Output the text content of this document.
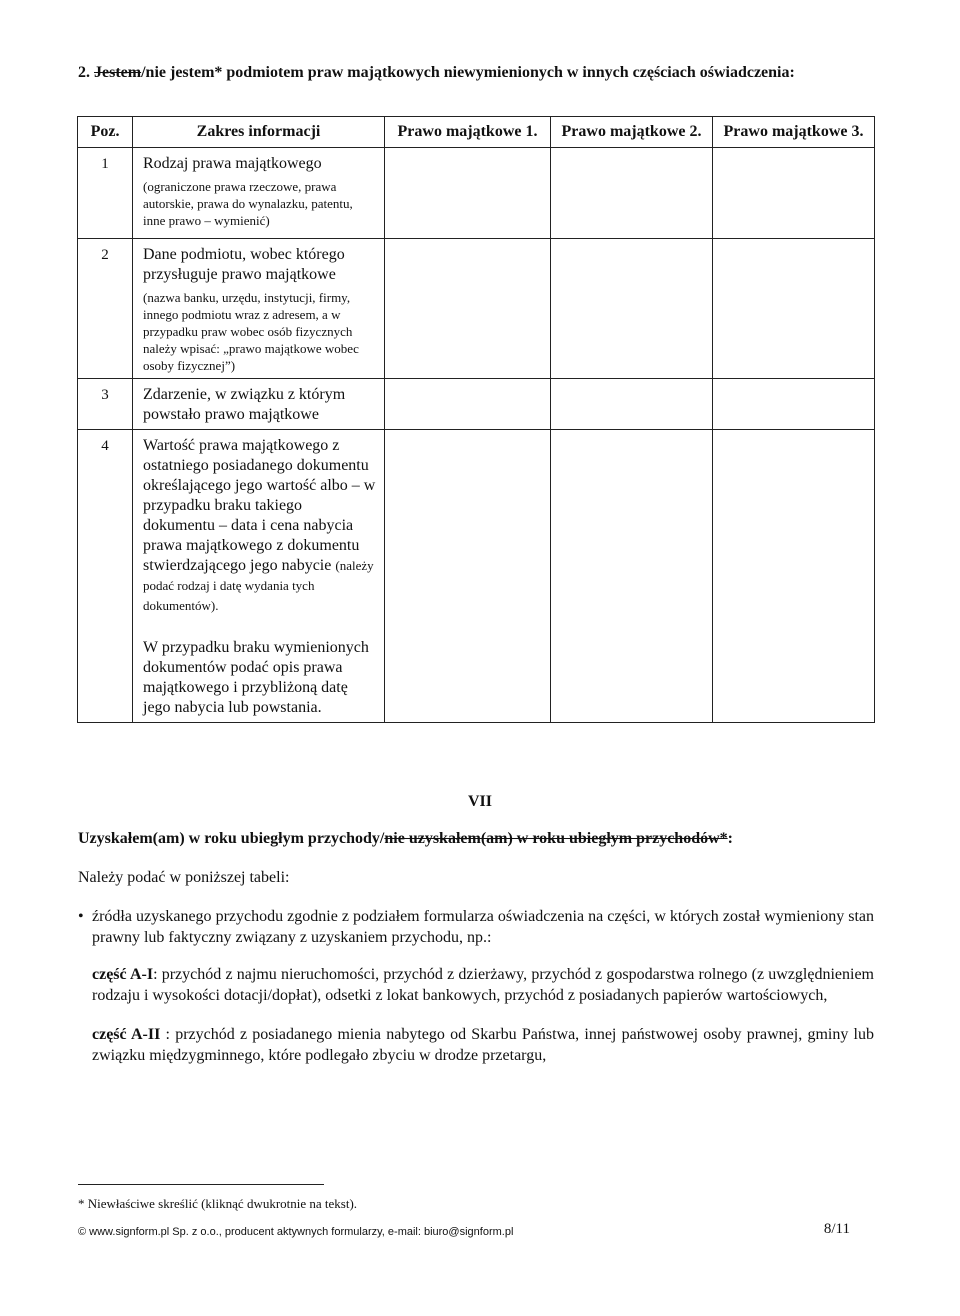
2. Jestem/nie jestem* podmiotem praw majątkowych niewymienionych w innych częściach oświadczenia:
Poz.	Zakres informacji	Prawo majątkowe 1.	Prawo majątkowe 2.	Prawo majątkowe 3.
1	Rodzaj prawa majątkowego
(ograniczone prawa rzeczowe, prawa autorskie, prawa do wynalazku, patentu, inne prawo – wymienić)			

2	Dane podmiotu, wobec którego przysługuje prawo majątkowe
(nazwa banku, urzędu, instytucji, firmy, innego podmiotu wraz z adresem, a w przypadku praw wobec osób fizycznych należy wpisać: „prawo majątkowe wobec osoby fizycznej”)			

3	Zdarzenie, w związku z którym powstało prawo majątkowe			

4	Wartość prawa majątkowego z ostatniego posiadanego dokumentu określającego jego wartość albo – w przypadku braku takiego dokumentu – data i cena nabycia prawa majątkowego z dokumentu stwierdzającego jego nabycie (należy podać rodzaj i datę wydania tych dokumentów).
W przypadku braku wymienionych dokumentów podać opis prawa majątkowego i przybliżoną datę jego nabycia lub powstania.			

VII
Uzyskałem(am) w roku ubiegłym przychody/nie uzyskałem(am) w roku ubiegłym przychodów*:
Należy podać w poniższej tabeli:
• źródła uzyskanego przychodu zgodnie z podziałem formularza oświadczenia na części, w których został wymieniony stan prawny lub faktyczny związany z uzyskaniem przychodu, np.:
część A-I: przychód z najmu nieruchomości, przychód z dzierżawy, przychód z gospodarstwa rolnego (z uwzględnieniem rodzaju i wysokości dotacji/dopłat), odsetki z lokat bankowych, przychód z posiadanych papierów wartościowych,
część A-II : przychód z posiadanego mienia nabytego od Skarbu Państwa, innej państwowej osoby prawnej, gminy lub związku międzygminnego, które podlegało zbyciu w drodze przetargu,
* Niewłaściwe skreślić (kliknąć dwukrotnie na tekst).
© www.signform.pl Sp. z o.o., producent aktywnych formularzy, e-mail: biuro@signform.pl	8/11
